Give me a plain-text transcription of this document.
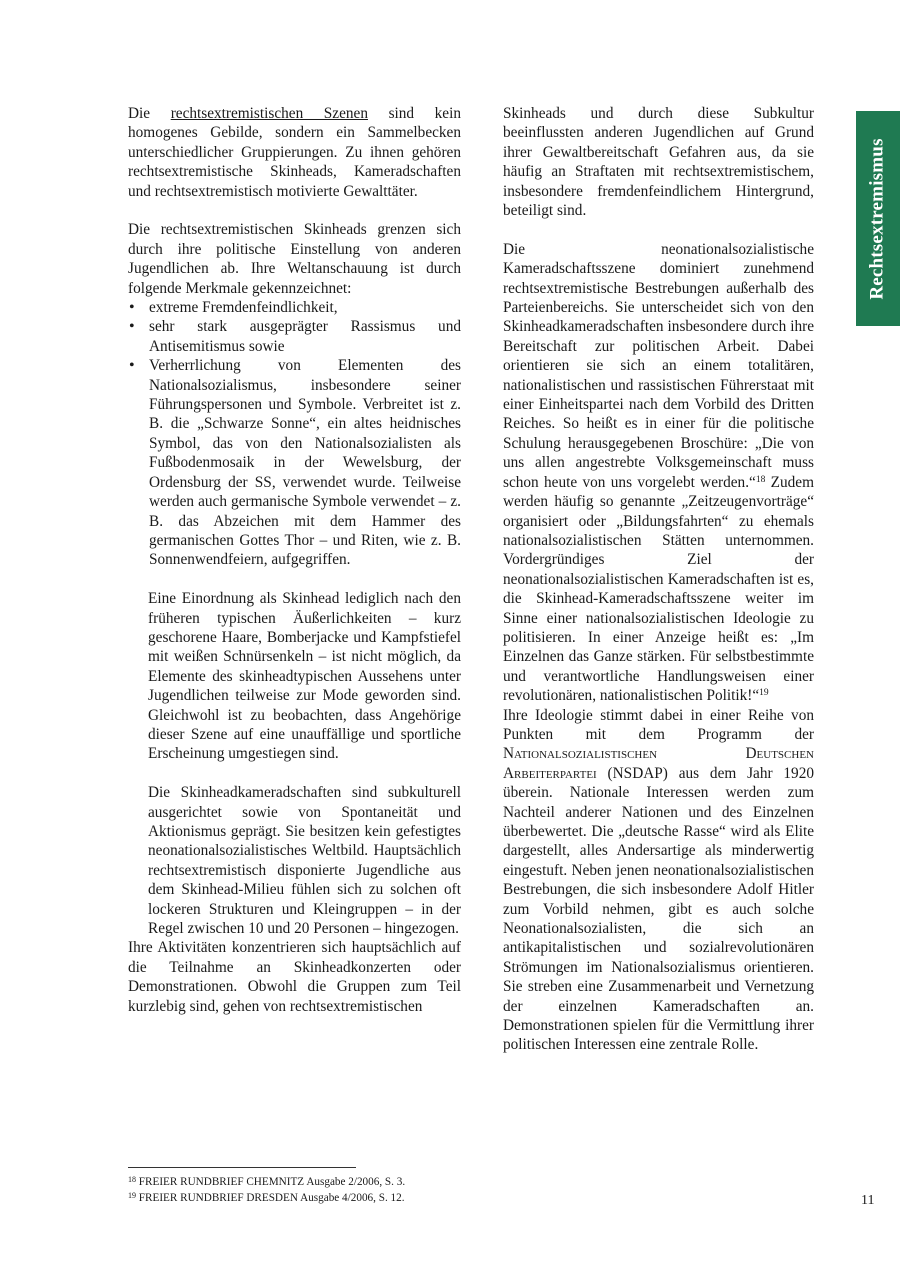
Rechtsextremismus

Die rechtsextremistischen Szenen sind kein homogenes Gebilde, sondern ein Sammelbecken unterschiedlicher Gruppierungen. Zu ihnen gehören rechtsextremistische Skinheads, Kameradschaften und rechtsextremistisch motivierte Gewalttäter.

Die rechtsextremistischen Skinheads grenzen sich durch ihre politische Einstellung von anderen Jugendlichen ab. Ihre Weltanschauung ist durch folgende Merkmale gekennzeichnet:

• extreme Fremdenfeindlichkeit,
• sehr stark ausgeprägter Rassismus und Antisemitismus sowie
• Verherrlichung von Elementen des Nationalsozialismus, insbesondere seiner Führungspersonen und Symbole. Verbreitet ist z. B. die „Schwarze Sonne“, ein altes heidnisches Symbol, das von den Nationalsozialisten als Fußbodenmosaik in der Wewelsburg, der Ordensburg der SS, verwendet wurde. Teilweise werden auch germanische Symbole verwendet – z. B. das Abzeichen mit dem Hammer des germanischen Gottes Thor – und Riten, wie z. B. Sonnenwendfeiern, aufgegriffen.

Eine Einordnung als Skinhead lediglich nach den früheren typischen Äußerlichkeiten – kurz geschorene Haare, Bomberjacke und Kampfstiefel mit weißen Schnürsenkeln – ist nicht möglich, da Elemente des skinheadtypischen Aussehens unter Jugendlichen teilweise zur Mode geworden sind. Gleichwohl ist zu beobachten, dass Angehörige dieser Szene auf eine unauffällige und sportliche Erscheinung umgestiegen sind.

Die Skinheadkameradschaften sind subkulturell ausgerichtet sowie von Spontaneität und Aktionismus geprägt. Sie besitzen kein gefestigtes neonationalsozialistisches Weltbild. Hauptsächlich rechtsextremistisch disponierte Jugendliche aus dem Skinhead-Milieu fühlen sich zu solchen oft lockeren Strukturen und Kleingruppen – in der Regel zwischen 10 und 20 Personen – hingezogen.

Ihre Aktivitäten konzentrieren sich hauptsächlich auf die Teilnahme an Skinheadkonzerten oder Demonstrationen. Obwohl die Gruppen zum Teil kurzlebig sind, gehen von rechtsextremistischen

Skinheads und durch diese Subkultur beeinflussten anderen Jugendlichen auf Grund ihrer Gewaltbereitschaft Gefahren aus, da sie häufig an Straftaten mit rechtsextremistischem, insbesondere fremdenfeindlichem Hintergrund, beteiligt sind.

Die neonationalsozialistische Kameradschaftsszene dominiert zunehmend rechtsextremistische Bestrebungen außerhalb des Parteienbereichs. Sie unterscheidet sich von den Skinheadkameradschaften insbesondere durch ihre Bereitschaft zur politischen Arbeit. Dabei orientieren sie sich an einem totalitären, nationalistischen und rassistischen Führerstaat mit einer Einheitspartei nach dem Vorbild des Dritten Reiches. So heißt es in einer für die politische Schulung herausgegebenen Broschüre: „Die von uns allen angestrebte Volksgemeinschaft muss schon heute von uns vorgelebt werden.“$^{18}$ Zudem werden häufig so genannte „Zeitzeugenvorträge“ organisiert oder „Bildungsfahrten“ zu ehemals nationalsozialistischen Stätten unternommen. Vordergründiges Ziel der neonationalsozialistischen Kameradschaften ist es, die Skinhead-Kameradschaftsszene weiter im Sinne einer nationalsozialistischen Ideologie zu politisieren. In einer Anzeige heißt es: „Im Einzelnen das Ganze stärken. Für selbstbestimmte und verantwortliche Handlungsweisen einer revolutionären, nationalistischen Politik!“$^{19}$

Ihre Ideologie stimmt dabei in einer Reihe von Punkten mit dem Programm der Nationalsozialistischen Deutschen Arbeiterpartei (NSDAP) aus dem Jahr 1920 überein. Nationale Interessen werden zum Nachteil anderer Nationen und des Einzelnen überbewertet. Die „deutsche Rasse“ wird als Elite dargestellt, alles Andersartige als minderwertig eingestuft. Neben jenen neonationalsozialistischen Bestrebungen, die sich insbesondere Adolf Hitler zum Vorbild nehmen, gibt es auch solche Neonationalsozialisten, die sich an antikapitalistischen und sozialrevolutionären Strömungen im Nationalsozialismus orientieren. Sie streben eine Zusammenarbeit und Vernetzung der einzelnen Kameradschaften an. Demonstrationen spielen für die Vermittlung ihrer politischen Interessen eine zentrale Rolle.

$^{18}$ FREIER RUNDBRIEF CHEMNITZ Ausgabe 2/2006, S. 3.
$^{19}$ FREIER RUNDBRIEF DRESDEN Ausgabe 4/2006, S. 12.	11
